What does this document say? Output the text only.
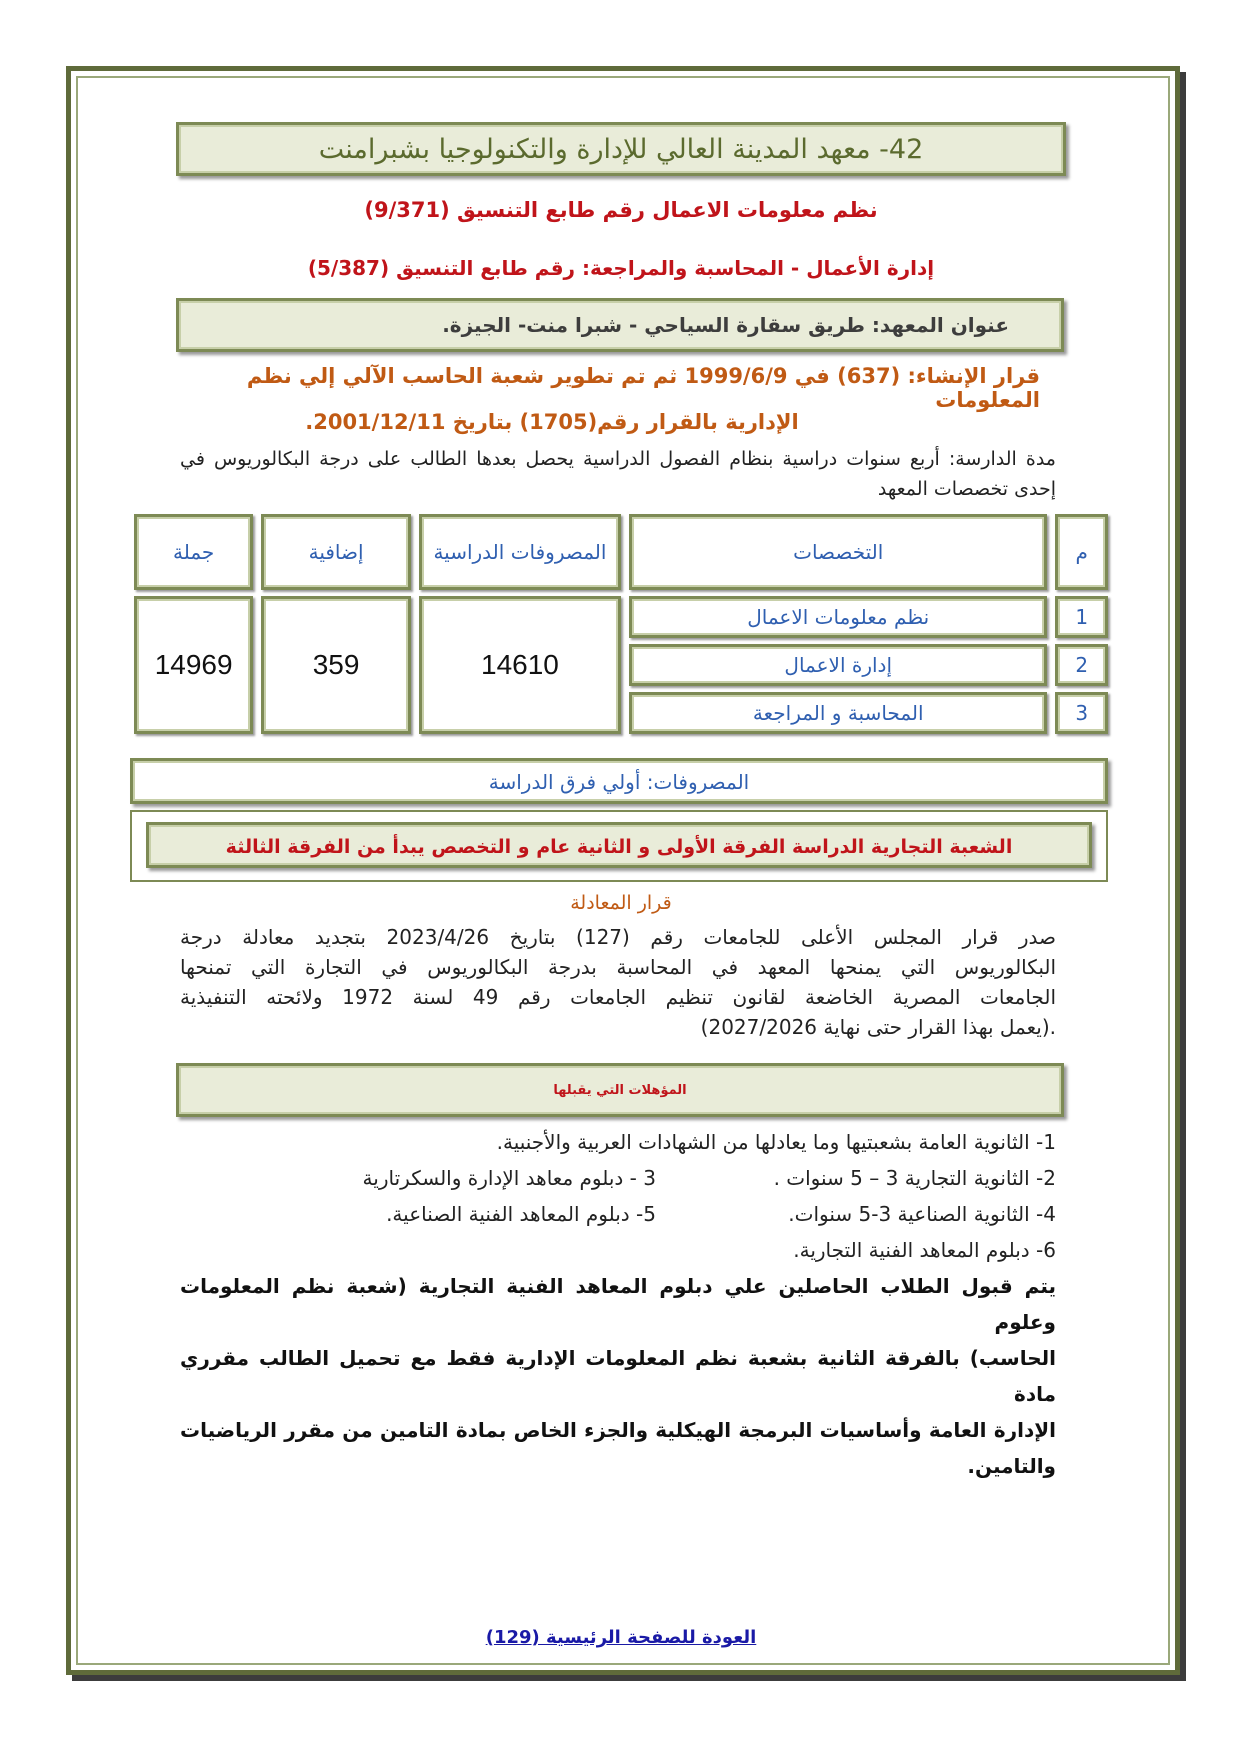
42- معهد المدينة العالي للإدارة والتكنولوجيا بشبرامنت
نظم معلومات الاعمال رقم طابع التنسيق (9/371)
إدارة الأعمال - المحاسبة والمراجعة: رقم طابع التنسيق (5/387)
عنوان المعهد: طريق سقارة السياحي - شبرا منت- الجيزة.
قرار الإنشاء: (637) في 1999/6/9 ثم تم تطوير شعبة الحاسب الآلي إلي نظم المعلومات
الإدارية بالقرار رقم(1705) بتاريخ 2001/12/11.
مدة الدارسة: أربع سنوات دراسية بنظام الفصول الدراسية يحصل بعدها الطالب على درجة البكالوريوس في إحدى تخصصات المعهد
م	التخصصات	المصروفات الدراسية	إضافية	جملة
1	نظم معلومات الاعمال	14610	359	14969
2	إدارة الاعمال			
3	المحاسبة و المراجعة			
المصروفات: أولي فرق الدراسة
الشعبة التجارية الدراسة الفرقة الأولى و الثانية عام و التخصص يبدأ من الفرقة الثالثة
قرار المعادلة
صدر قرار المجلس الأعلى للجامعات رقم (127) بتاريخ 2023/4/26 بتجديد معادلة درجة
البكالوريوس التي يمنحها المعهد في المحاسبة بدرجة البكالوريوس في التجارة التي تمنحها
الجامعات المصرية الخاضعة لقانون تنظيم الجامعات رقم 49 لسنة 1972 ولائحته التنفيذية
.(يعمل بهذا القرار حتى نهاية 2027/2026)
المؤهلات التي يقبلها
1- الثانوية العامة بشعبتيها وما يعادلها من الشهادات العربية والأجنبية.
2- الثانوية التجارية 3 – 5 سنوات .
3 - دبلوم معاهد الإدارة والسكرتارية
4- الثانوية الصناعية 3-5 سنوات.
5- دبلوم المعاهد الفنية الصناعية.
6- دبلوم المعاهد الفنية التجارية.
يتم قبول الطلاب الحاصلين علي دبلوم المعاهد الفنية التجارية (شعبة نظم المعلومات وعلوم
الحاسب) بالفرقة الثانية بشعبة نظم المعلومات الإدارية فقط مع تحميل الطالب مقرري مادة
الإدارة العامة وأساسيات البرمجة الهيكلية والجزء الخاص بمادة التامين من مقرر الرياضيات
والتامين.
العودة للصفحة الرئيسية (129)
